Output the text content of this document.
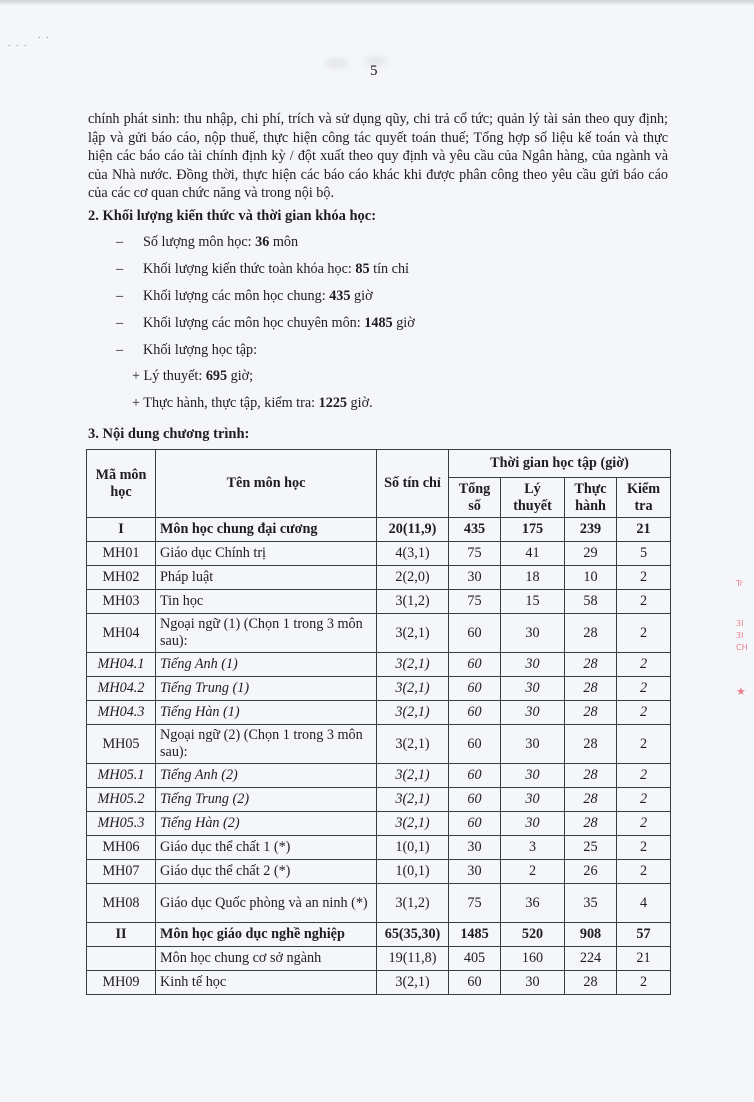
· · ·
· ·
5

chính phát sinh: thu nhập, chi phí, trích và sử dụng qũy, chi trả cổ tức; quản lý tài sản theo quy định; lập và gửi báo cáo, nộp thuế, thực hiện công tác quyết toán thuế; Tổng hợp số liệu kế toán và thực hiện các báo cáo tài chính định kỳ / đột xuất theo quy định và yêu cầu của Ngân hàng, của ngành và của Nhà nước. Đồng thời, thực hiện các báo cáo khác khi được phân công theo yêu cầu gửi báo cáo của các cơ quan chức năng và trong nội bộ.

2. Khối lượng kiến thức và thời gian khóa học:
–	Số lượng môn học: 36 môn
–	Khối lượng kiến thức toàn khóa học: 85 tín chỉ
–	Khối lượng các môn học chung: 435 giờ
–	Khối lượng các môn học chuyên môn: 1485 giờ
–	Khối lượng học tập:
+ Lý thuyết: 695 giờ;
+ Thực hành, thực tập, kiểm tra: 1225 giờ.
3. Nội dung chương trình:
Mã môn học	Tên môn học	Số tín chỉ	Thời gian học tập (giờ)			
			Tổng số	Lý thuyết	Thực hành	Kiểm tra
I	Môn học chung đại cương	20(11,9)	435	175	239	21
MH01	Giáo dục Chính trị	4(3,1)	75	41	29	5
MH02	Pháp luật	2(2,0)	30	18	10	2
MH03	Tin học	3(1,2)	75	15	58	2
MH04	Ngoại ngữ (1) (Chọn 1 trong 3 môn sau):	3(2,1)	60	30	28	2
MH04.1	Tiếng Anh (1)	3(2,1)	60	30	28	2
MH04.2	Tiếng Trung (1)	3(2,1)	60	30	28	2
MH04.3	Tiếng Hàn (1)	3(2,1)	60	30	28	2
MH05	Ngoại ngữ (2) (Chọn 1 trong 3 môn sau):	3(2,1)	60	30	28	2
MH05.1	Tiếng Anh (2)	3(2,1)	60	30	28	2
MH05.2	Tiếng Trung (2)	3(2,1)	60	30	28	2
MH05.3	Tiếng Hàn (2)	3(2,1)	60	30	28	2
MH06	Giáo dục thể chất 1 (*)	1(0,1)	30	3	25	2
MH07	Giáo dục thể chất 2 (*)	1(0,1)	30	2	26	2
MH08	Giáo dục Quốc phòng và an ninh (*)	3(1,2)	75	36	35	4
II	Môn học giáo dục nghề nghiệp	65(35,30)	1485	520	908	57
	Môn học chung cơ sở ngành	19(11,8)	405	160	224	21
MH09	Kinh tế học	3(2,1)	60	30	28	2
Tr
3I
3I
CH
★
